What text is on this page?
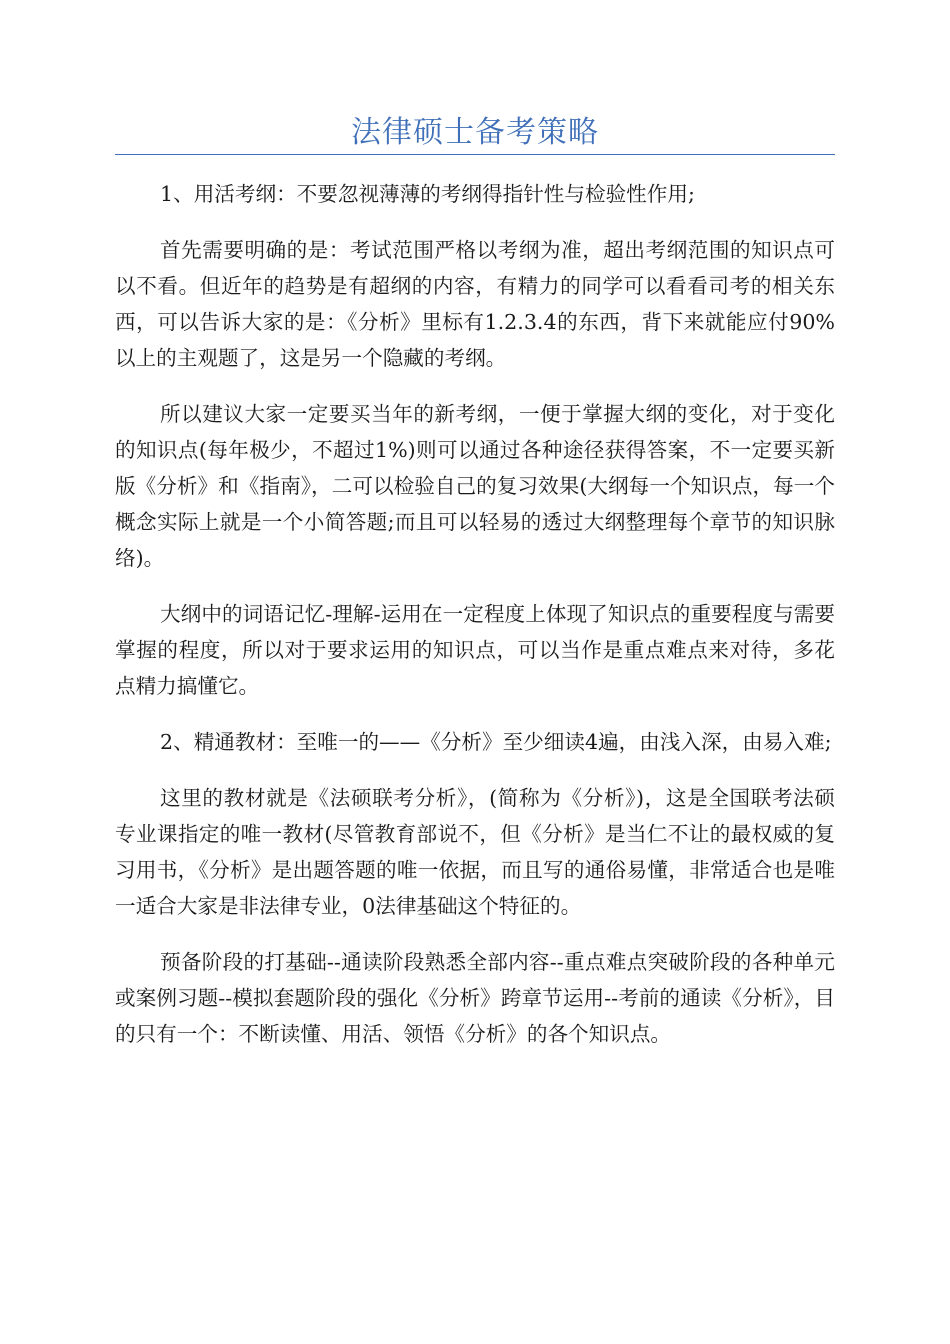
法律硕士备考策略

1、用活考纲：不要忽视薄薄的考纲得指针性与检验性作用;

首先需要明确的是：考试范围严格以考纲为准，超出考纲范围的知识点可以不看。但近年的趋势是有超纲的内容，有精力的同学可以看看司考的相关东西，可以告诉大家的是：《分析》里标有1.2.3.4的东西，背下来就能应付90%以上的主观题了，这是另一个隐藏的考纲。

所以建议大家一定要买当年的新考纲，一便于掌握大纲的变化，对于变化的知识点(每年极少，不超过1%)则可以通过各种途径获得答案，不一定要买新版《分析》和《指南》，二可以检验自己的复习效果(大纲每一个知识点，每一个概念实际上就是一个小简答题;而且可以轻易的透过大纲整理每个章节的知识脉络)。

大纲中的词语记忆-理解-运用在一定程度上体现了知识点的重要程度与需要掌握的程度，所以对于要求运用的知识点，可以当作是重点难点来对待，多花点精力搞懂它。

2、精通教材：至唯一的——《分析》至少细读4遍，由浅入深，由易入难;

这里的教材就是《法硕联考分析》，(简称为《分析》)，这是全国联考法硕专业课指定的唯一教材(尽管教育部说不，但《分析》是当仁不让的最权威的复习用书，《分析》是出题答题的唯一依据，而且写的通俗易懂，非常适合也是唯一适合大家是非法律专业，0法律基础这个特征的。

预备阶段的打基础--通读阶段熟悉全部内容--重点难点突破阶段的各种单元或案例习题--模拟套题阶段的强化《分析》跨章节运用--考前的通读《分析》，目的只有一个：不断读懂、用活、领悟《分析》的各个知识点。
